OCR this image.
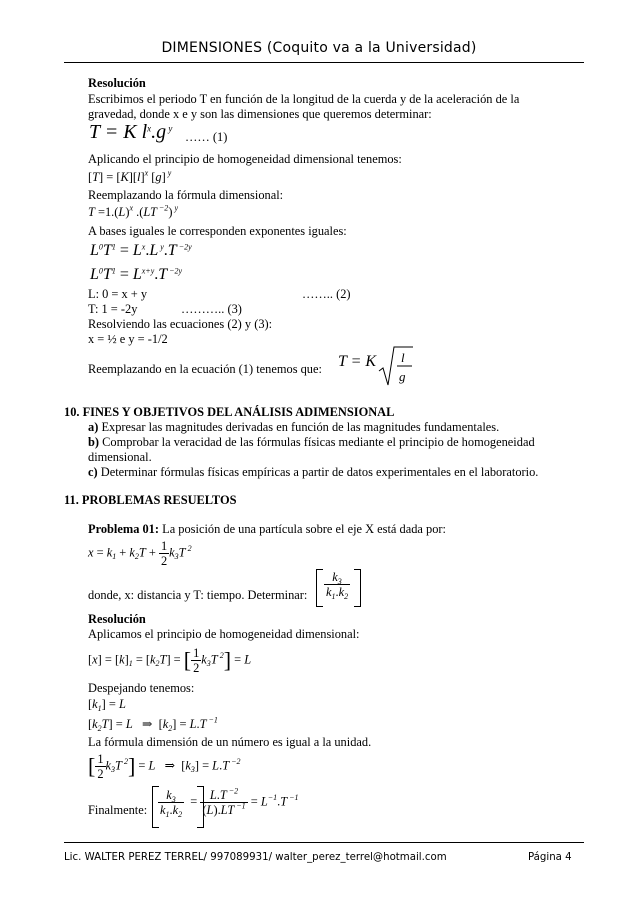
DIMENSIONES (Coquito va a la Universidad)
Resolución
Escribimos el periodo T en función de la longitud de la cuerda y de la aceleración de la
gravedad, donde x e y son las dimensiones que queremos determinar:
T = K $l^x.g$ $^y$
…… (1)
Aplicando el principio de homogeneidad dimensional tenemos:
$[T] = [K][l]^x$ [g] $^y$
Reemplazando la fórmula dimensional:
$T =1.(L)^x$ .(LT $^{-2}$) $^y$
A bases iguales le corresponden exponentes iguales:
$L^0T^1 = L^x.L$ $^y$.T $^{-2y}$
$L^0T^1 = L^{x+y}.T$ $^{-2y}$
L: 0 = x + y	…….. (2)
T: 1 = -2y	……….. (3)
Resolviendo las ecuaciones (2) y (3):
x = ½ e y = -1/2
Reemplazando en la ecuación (1) tenemos que: T = K l
g
10. FINES Y OBJETIVOS DEL ANÁLISIS ADIMENSIONAL
a) Expresar las magnitudes derivadas en función de las magnitudes fundamentales.
b) Comprobar la veracidad de las fórmulas físicas mediante el principio de homogeneidad
dimensional.
c) Determinar fórmulas físicas empíricas a partir de datos experimentales en el laboratorio.
11. PROBLEMAS RESUELTOS
Problema 01: La posición de una partícula sobre el eje X está dada por:
$x = k_1 + k_2T + \frac{1}{2} k_3T$ $^2$
donde, x: distancia y T: tiempo. Determinar: $\frac{k_3}{k_1.k_2}$
Resolución
Aplicamos el principio de homogeneidad dimensional:
$[x] = [k]_1 = [k_2T]$ = [ $\frac{1}{2} k_3T$ $^2$] = L
Despejando tenemos:
$[k_1] = L$
$[k_2T] = L$   ⇒  $[k_2] = L.T$ $^{-1}$
La fórmula dimensión de un número es igual a la unidad.
[ $\frac{1}{2} k_3T$ $^2$] = L   ⇒  $[k_3] = L.T$ $^{-2}$
Finalmente: $\frac{k_3}{k_1.k_2} = \frac{L.T ^{-2}}{(L).LT ^{-1}} = L^{-1}.T$ $^{-1}$
Lic. WALTER PEREZ TERREL/ 997089931/ walter_perez_terrel@hotmail.com	Página 4
